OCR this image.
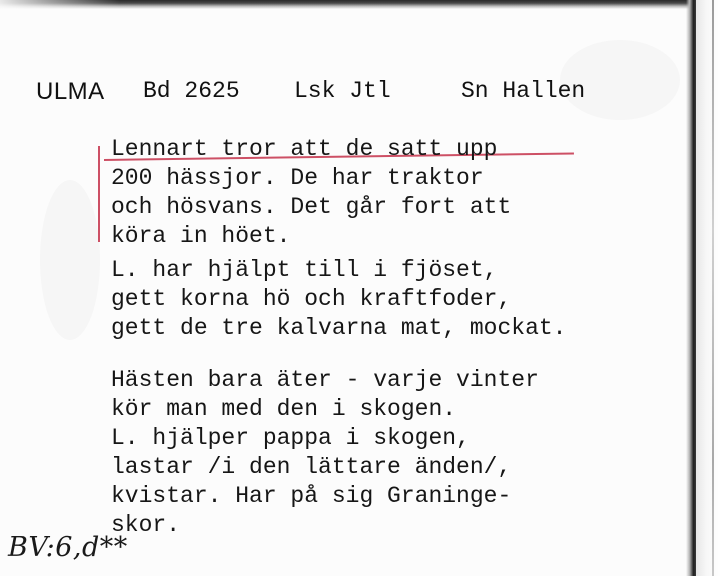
ULMA Bd 2625 Lsk Jtl	Sn Hallen
Lennart tror att de satt upp
200 hässjor. De har traktor
och hösvans. Det går fort att
köra in höet.
L. har hjälpt till i fjöset,
gett korna hö och kraftfoder,
gett de tre kalvarna mat, mockat.
Hästen bara äter - varje vinter
kör man med den i skogen.
L. hjälper pappa i skogen,
lastar /i den lättare änden/,
kvistar. Har på sig Graninge-
skor.
BV:6,d**
